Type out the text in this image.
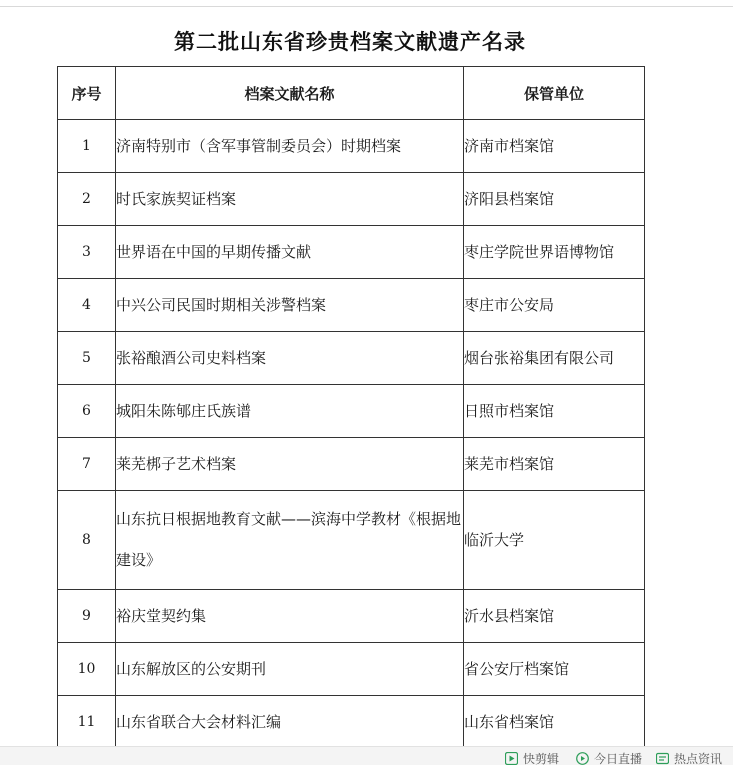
第二批山东省珍贵档案文献遗产名录
序号	档案文献名称	保管单位
1	济南特别市（含军事管制委员会）时期档案	济南市档案馆
2	时氏家族契证档案	济阳县档案馆
3	世界语在中国的早期传播文献	枣庄学院世界语博物馆
4	中兴公司民国时期相关涉警档案	枣庄市公安局
5	张裕酿酒公司史料档案	烟台张裕集团有限公司
6	城阳朱陈郇庄氏族谱	日照市档案馆
7	莱芜梆子艺术档案	莱芜市档案馆
8	山东抗日根据地教育文献——滨海中学教材《根据地建设》	临沂大学
9	裕庆堂契约集	沂水县档案馆
10	山东解放区的公安期刊	省公安厅档案馆
11	山东省联合大会材料汇编	山东省档案馆

快剪辑	今日直播	热点资讯
